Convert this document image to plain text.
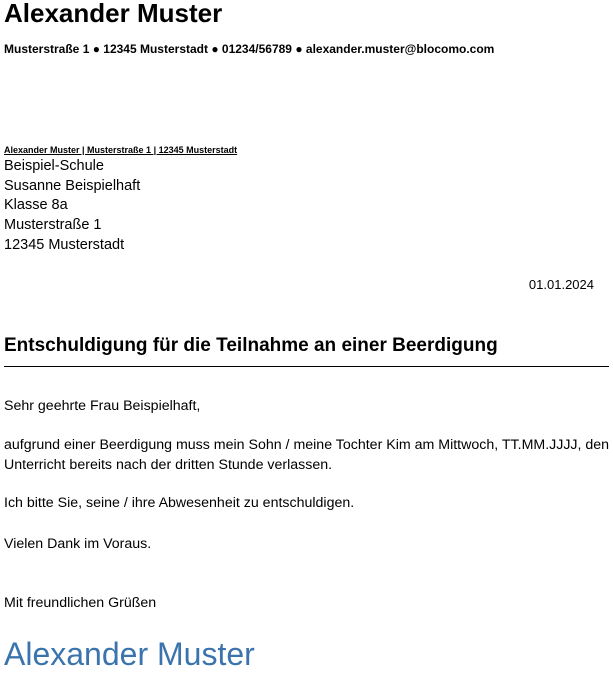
Alexander Muster
Musterstraße 1 ● 12345 Musterstadt ● 01234/56789 ● alexander.muster@blocomo.com
Alexander Muster | Musterstraße 1 | 12345 Musterstadt
Beispiel-Schule
Susanne Beispielhaft
Klasse 8a
Musterstraße 1
12345 Musterstadt
01.01.2024
Entschuldigung für die Teilnahme an einer Beerdigung
Sehr geehrte Frau Beispielhaft,
aufgrund einer Beerdigung muss mein Sohn / meine Tochter Kim am Mittwoch, TT.MM.JJJJ, den Unterricht bereits nach der dritten Stunde verlassen.
Ich bitte Sie, seine / ihre Abwesenheit zu entschuldigen.
Vielen Dank im Voraus.
Mit freundlichen Grüßen
Alexander Muster
